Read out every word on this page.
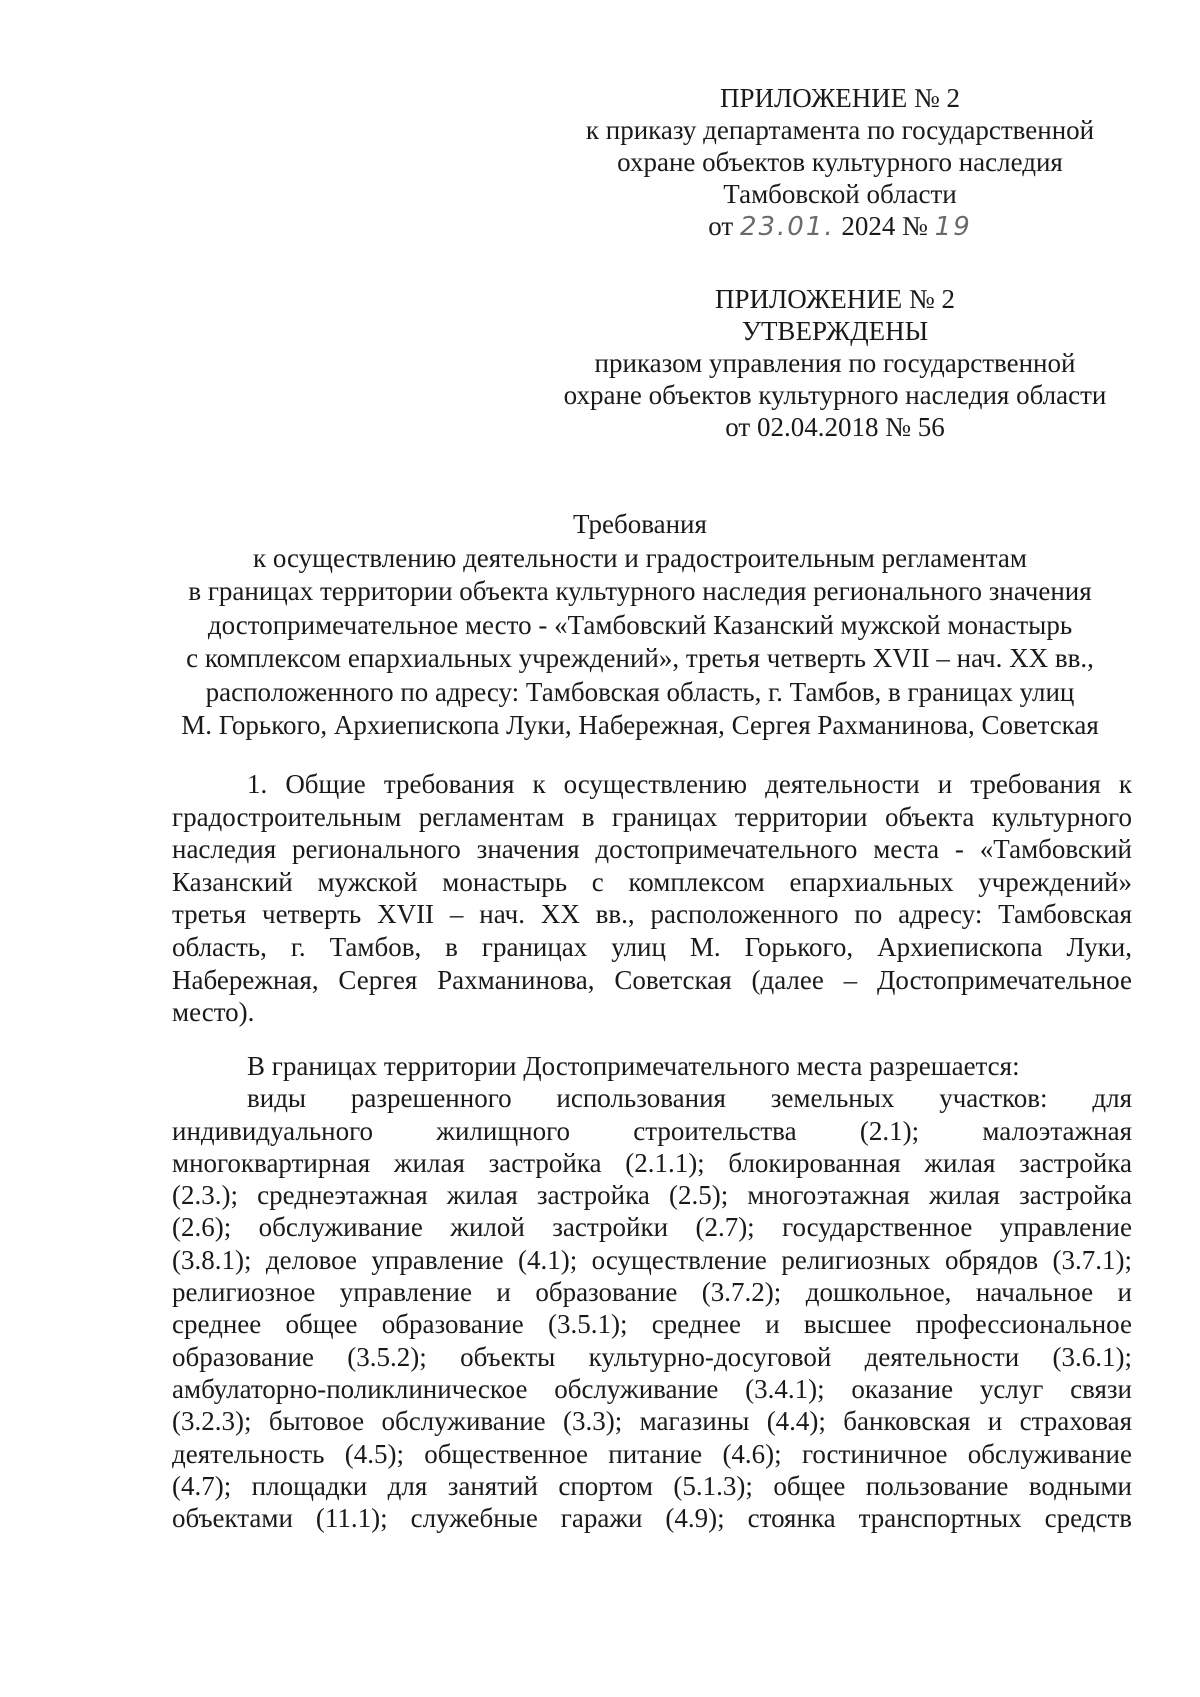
ПРИЛОЖЕНИЕ № 2
к приказу департамента по государственной
охране объектов культурного наследия
Тамбовской области
от 23.01. 2024 № 19
ПРИЛОЖЕНИЕ № 2
УТВЕРЖДЕНЫ
приказом управления по государственной
охране объектов культурного наследия области
от 02.04.2018 № 56
Требования
к осуществлению деятельности и градостроительным регламентам
в границах территории объекта культурного наследия регионального значения
достопримечательное место - «Тамбовский Казанский мужской монастырь
с комплексом епархиальных учреждений», третья четверть XVII – нач. XX вв.,
расположенного по адресу: Тамбовская область, г. Тамбов, в границах улиц
М. Горького, Архиепископа Луки, Набережная, Сергея Рахманинова, Советская
1. Общие требования к осуществлению деятельности и требования к
градостроительным регламентам в границах территории объекта культурного
наследия регионального значения достопримечательного места - «Тамбовский
Казанский мужской монастырь с комплексом епархиальных учреждений»
третья четверть XVII – нач. XX вв., расположенного по адресу: Тамбовская
область, г. Тамбов, в границах улиц М. Горького, Архиепископа Луки,
Набережная, Сергея Рахманинова, Советская (далее – Достопримечательное
место).
В границах территории Достопримечательного места разрешается:
виды разрешенного использования земельных участков: для
индивидуального жилищного строительства (2.1); малоэтажная
многоквартирная жилая застройка (2.1.1); блокированная жилая застройка
(2.3.); среднеэтажная жилая застройка (2.5); многоэтажная жилая застройка
(2.6); обслуживание жилой застройки (2.7); государственное управление
(3.8.1); деловое управление (4.1); осуществление религиозных обрядов (3.7.1);
религиозное управление и образование (3.7.2); дошкольное, начальное и
среднее общее образование (3.5.1); среднее и высшее профессиональное
образование (3.5.2); объекты культурно-досуговой деятельности (3.6.1);
амбулаторно-поликлиническое обслуживание (3.4.1); оказание услуг связи
(3.2.3); бытовое обслуживание (3.3); магазины (4.4); банковская и страховая
деятельность (4.5); общественное питание (4.6); гостиничное обслуживание
(4.7); площадки для занятий спортом (5.1.3); общее пользование водными
объектами (11.1); служебные гаражи (4.9); стоянка транспортных средств
